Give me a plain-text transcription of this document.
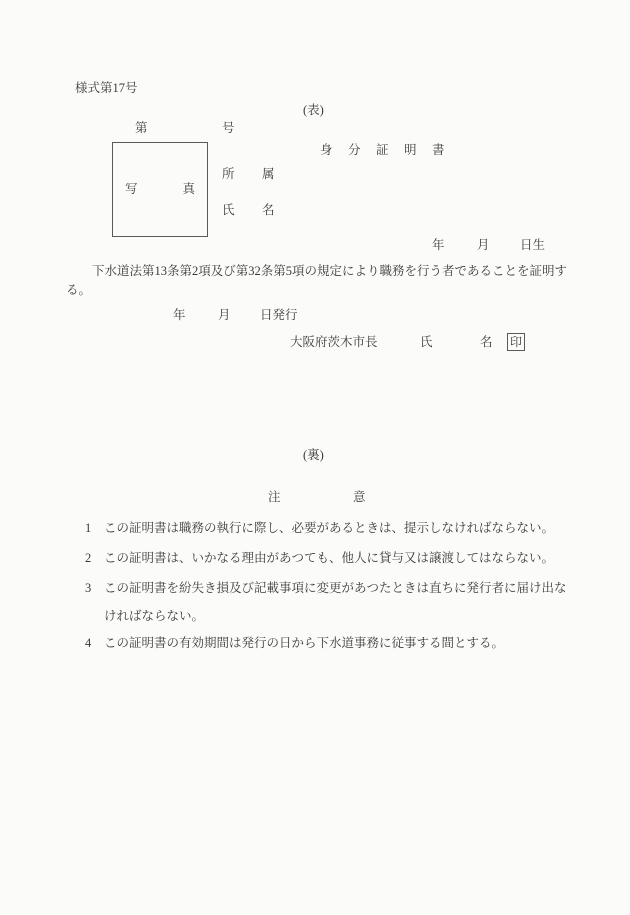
様式第17号
(表)
第	号
身分証明書
写	真
所属
氏名
年	月 日生
下水道法第13条第2項及び第32条第5項の規定により職務を行う者であることを証明する。
年	月 日発行
大阪府茨木市長	氏	名 印
(裏)
注	意
1 この証明書は職務の執行に際し、必要があるときは、提示しなければならない。
2 この証明書は、いかなる理由があつても、他人に貸与又は譲渡してはならない。
3 この証明書を紛失き損及び記載事項に変更があつたときは直ちに発行者に届け出なければならない。
4 この証明書の有効期間は発行の日から下水道事務に従事する間とする。
